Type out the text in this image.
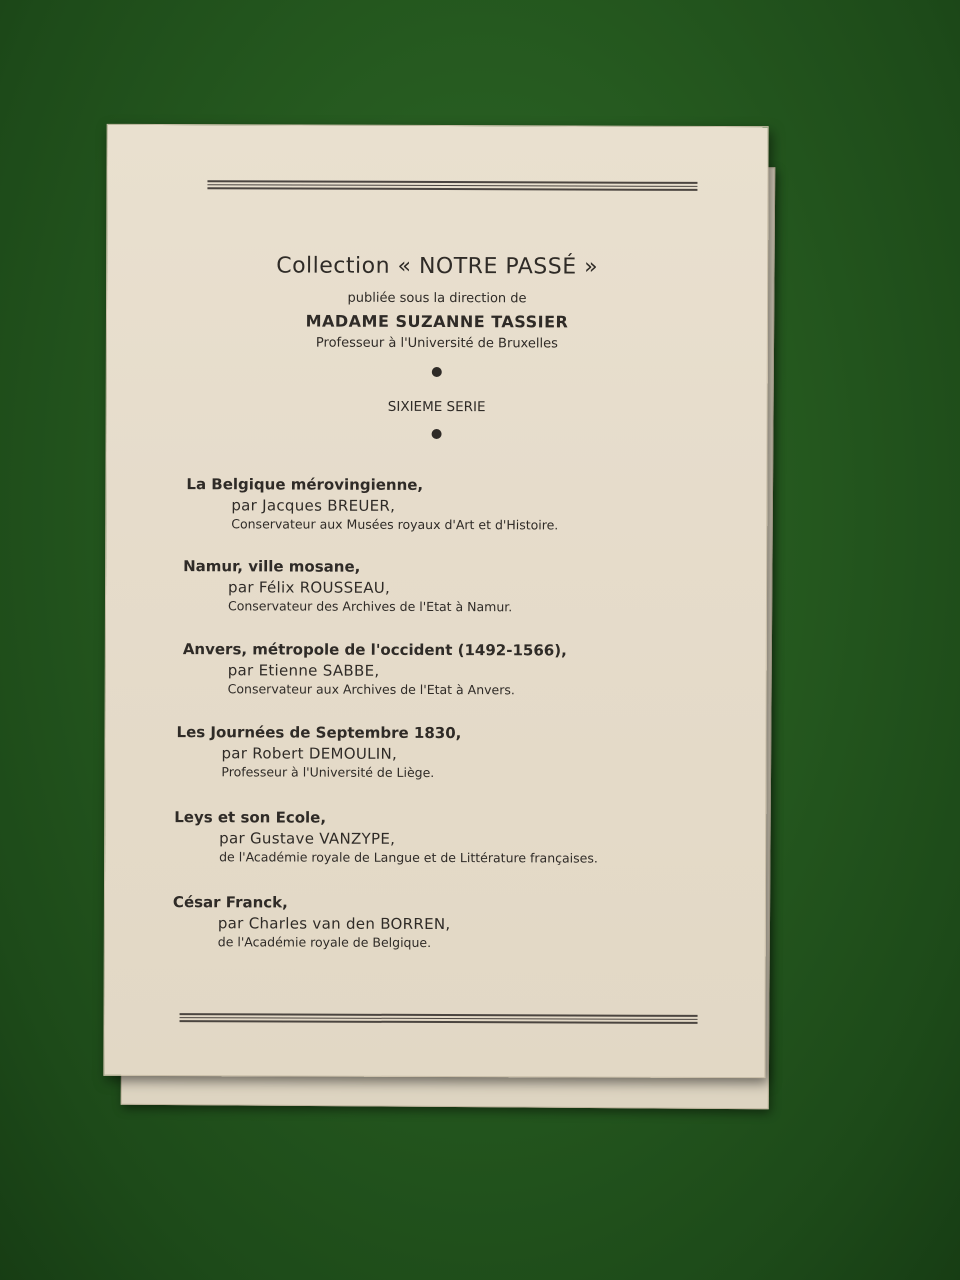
Collection « NOTRE PASSÉ »

publiée sous la direction de

MADAME SUZANNE TASSIER

Professeur à l'Université de Bruxelles

SIXIEME SERIE

La Belgique mérovingienne,

par Jacques BREUER,

Conservateur aux Musées royaux d'Art et d'Histoire.

Namur, ville mosane,

par Félix ROUSSEAU,

Conservateur des Archives de l'Etat à Namur.

Anvers, métropole de l'occident (1492-1566),

par Etienne SABBE,

Conservateur aux Archives de l'Etat à Anvers.

Les Journées de Septembre 1830,

par Robert DEMOULIN,

Professeur à l'Université de Liège.

Leys et son Ecole,

par Gustave VANZYPE,

de l'Académie royale de Langue et de Littérature françaises.

César Franck,

par Charles van den BORREN,

de l'Académie royale de Belgique.
